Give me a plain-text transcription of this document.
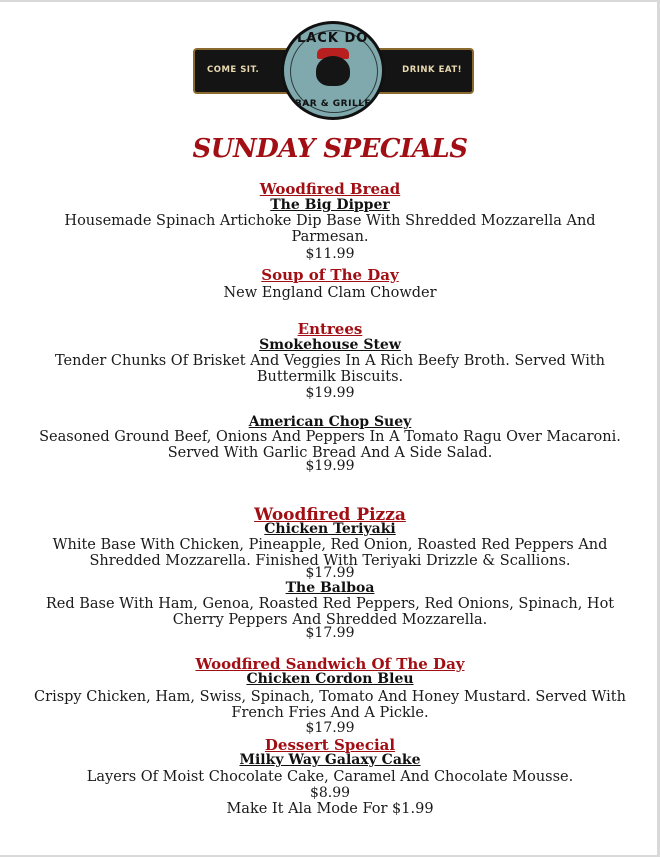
COME SIT.	DRINK EAT!
BLACK DOG
BAR & GRILLE
SUNDAY SPECIALS
Woodfired Bread
The Big Dipper
Housemade Spinach Artichoke Dip Base With Shredded Mozzarella And Parmesan.
$11.99
Soup of The Day
New England Clam Chowder
Entrees
Smokehouse Stew
Tender Chunks Of Brisket And Veggies In A Rich Beefy Broth. Served With Buttermilk Biscuits.
$19.99
American Chop Suey
Seasoned Ground Beef, Onions And Peppers In A Tomato Ragu Over Macaroni. Served With Garlic Bread And A Side Salad.
$19.99
Woodfired Pizza
Chicken Teriyaki
White Base With Chicken, Pineapple, Red Onion, Roasted Red Peppers And Shredded Mozzarella. Finished With Teriyaki Drizzle & Scallions.
$17.99
The Balboa
Red Base With Ham, Genoa, Roasted Red Peppers, Red Onions, Spinach, Hot Cherry Peppers And Shredded Mozzarella.
$17.99
Woodfired Sandwich Of The Day
Chicken Cordon Bleu
Crispy Chicken, Ham, Swiss, Spinach, Tomato And Honey Mustard. Served With French Fries And A Pickle.
$17.99
Dessert Special
Milky Way Galaxy Cake
Layers Of Moist Chocolate Cake, Caramel And Chocolate Mousse.
$8.99
Make It Ala Mode For $1.99
